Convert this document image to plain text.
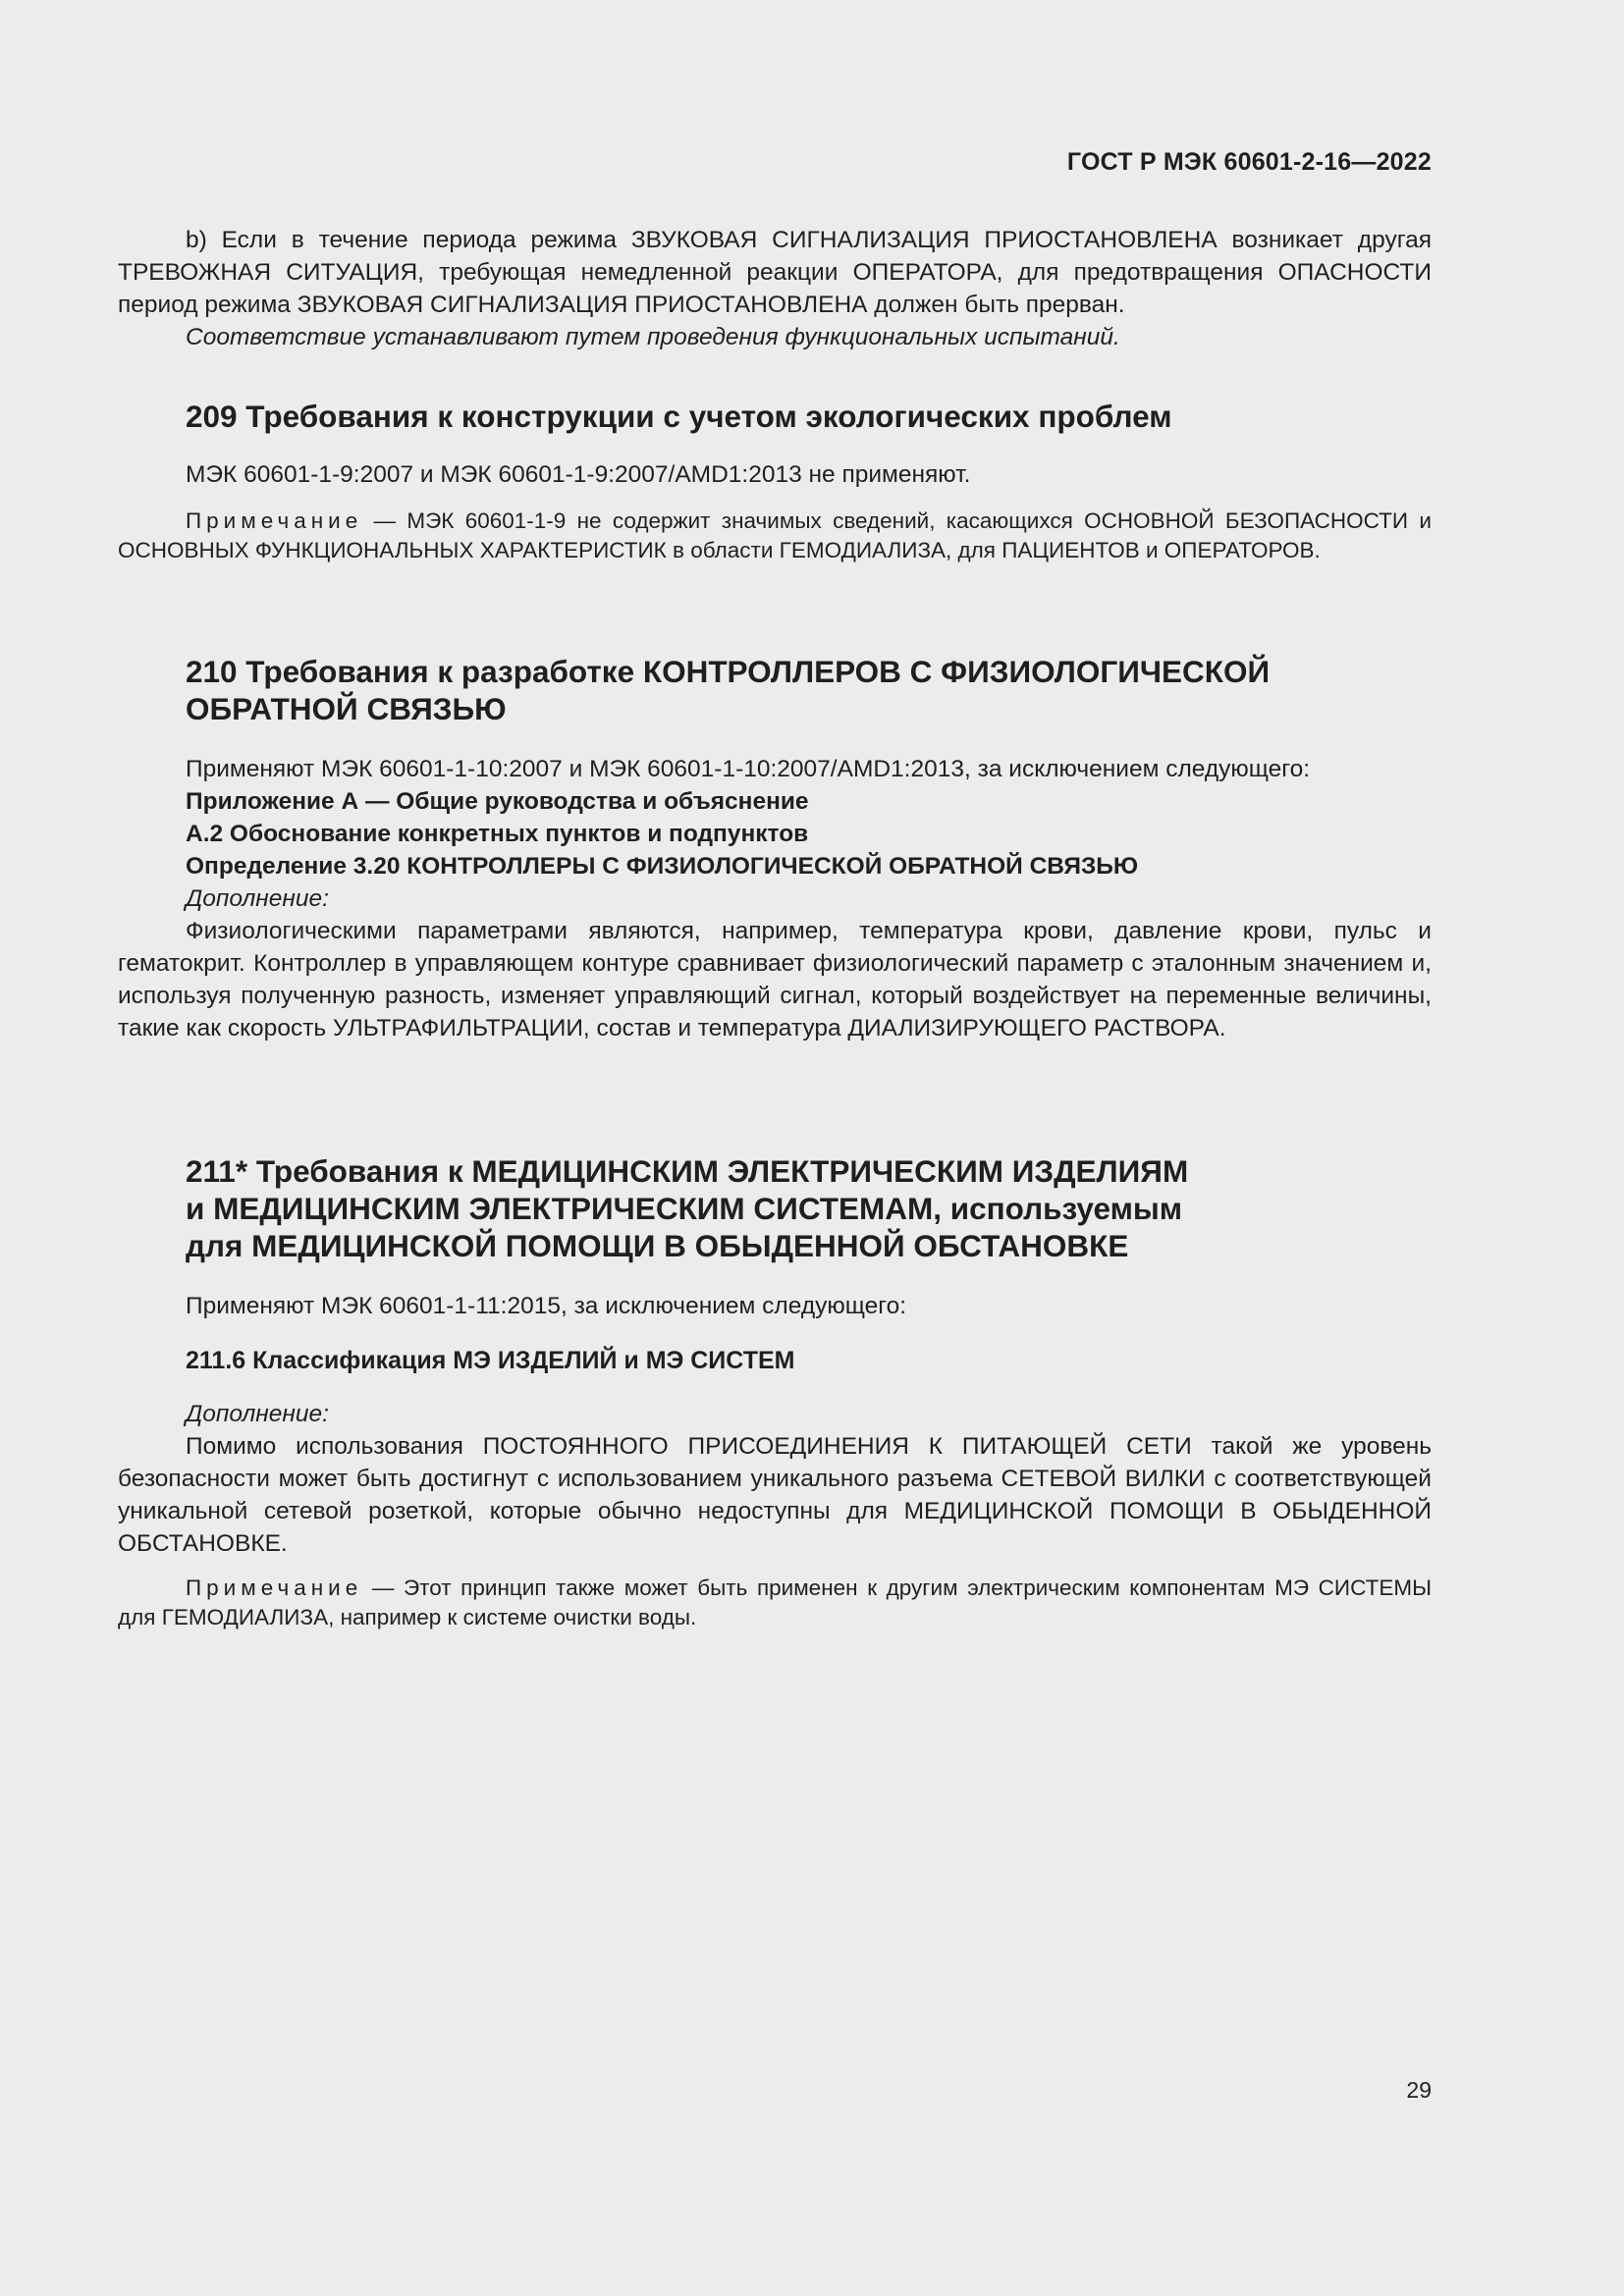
ГОСТ Р МЭК 60601-2-16—2022

b) Если в течение периода режима ЗВУКОВАЯ СИГНАЛИЗАЦИЯ ПРИОСТАНОВЛЕНА возникает другая ТРЕВОЖНАЯ СИТУАЦИЯ, требующая немедленной реакции ОПЕРАТОРА, для предотвращения ОПАСНОСТИ период режима ЗВУКОВАЯ СИГНАЛИЗАЦИЯ ПРИОСТАНОВЛЕНА должен быть прерван.

Соответствие устанавливают путем проведения функциональных испытаний.

209 Требования к конструкции с учетом экологических проблем

МЭК 60601-1-9:2007 и МЭК 60601-1-9:2007/AMD1:2013 не применяют.

Примечание — МЭК 60601-1-9 не содержит значимых сведений, касающихся ОСНОВНОЙ БЕЗОПАСНОСТИ и ОСНОВНЫХ ФУНКЦИОНАЛЬНЫХ ХАРАКТЕРИСТИК в области ГЕМОДИАЛИЗА, для ПАЦИЕНТОВ и ОПЕРАТОРОВ.

210 Требования к разработке КОНТРОЛЛЕРОВ С ФИЗИОЛОГИЧЕСКОЙ
ОБРАТНОЙ СВЯЗЬЮ

Применяют МЭК 60601-1-10:2007 и МЭК 60601-1-10:2007/AMD1:2013, за исключением следующего:

Приложение А — Общие руководства и объяснение

А.2 Обоснование конкретных пунктов и подпунктов

Определение 3.20 КОНТРОЛЛЕРЫ С ФИЗИОЛОГИЧЕСКОЙ ОБРАТНОЙ СВЯЗЬЮ

Дополнение:

Физиологическими параметрами являются, например, температура крови, давление крови, пульс и гематокрит. Контроллер в управляющем контуре сравнивает физиологический параметр с эталонным значением и, используя полученную разность, изменяет управляющий сигнал, который воздействует на переменные величины, такие как скорость УЛЬТРАФИЛЬТРАЦИИ, состав и температура ДИАЛИЗИРУЮЩЕГО РАСТВОРА.

211* Требования к МЕДИЦИНСКИМ ЭЛЕКТРИЧЕСКИМ ИЗДЕЛИЯМ
и МЕДИЦИНСКИМ ЭЛЕКТРИЧЕСКИМ СИСТЕМАМ, используемым
для МЕДИЦИНСКОЙ ПОМОЩИ В ОБЫДЕННОЙ ОБСТАНОВКЕ

Применяют МЭК 60601-1-11:2015, за исключением следующего:

211.6 Классификация МЭ ИЗДЕЛИЙ и МЭ СИСТЕМ

Дополнение:

Помимо использования ПОСТОЯННОГО ПРИСОЕДИНЕНИЯ К ПИТАЮЩЕЙ СЕТИ такой же уровень безопасности может быть достигнут с использованием уникального разъема СЕТЕВОЙ ВИЛКИ с соответствующей уникальной сетевой розеткой, которые обычно недоступны для МЕДИЦИНСКОЙ ПОМОЩИ В ОБЫДЕННОЙ ОБСТАНОВКЕ.

Примечание — Этот принцип также может быть применен к другим электрическим компонентам МЭ СИСТЕМЫ для ГЕМОДИАЛИЗА, например к системе очистки воды.

29
